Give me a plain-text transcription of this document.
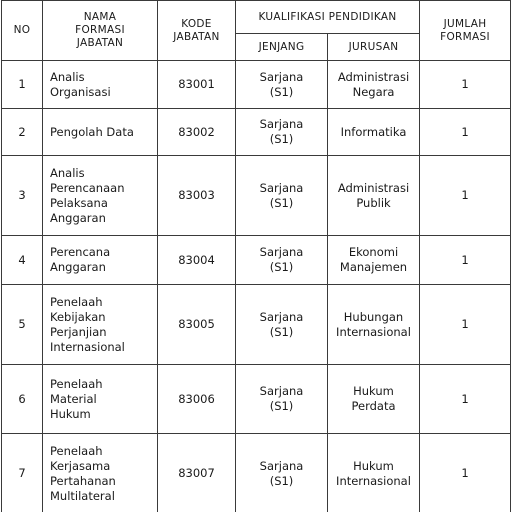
NO	NAMA
FORMASI
JABATAN	KODE
JABATAN	KUALIFIKASI PENDIDIKAN		JUMLAH
FORMASI

			JENJANG	JURUSAN	
1	Analis
Organisasi	83001	Sarjana
(S1)	Administrasi
Negara	1
2	Pengolah Data	83002	Sarjana
(S1)	Informatika	1
3	Analis
Perencanaan
Pelaksana
Anggaran	83003	Sarjana
(S1)	Administrasi
Publik	1
4	Perencana
Anggaran	83004	Sarjana
(S1)	Ekonomi
Manajemen	1
5	Penelaah
Kebijakan
Perjanjian
Internasional	83005	Sarjana
(S1)	Hubungan
Internasional	1
6	Penelaah
Material
Hukum	83006	Sarjana
(S1)	Hukum
Perdata	1
7	Penelaah
Kerjasama
Pertahanan
Multilateral	83007	Sarjana
(S1)	Hukum
Internasional	1
